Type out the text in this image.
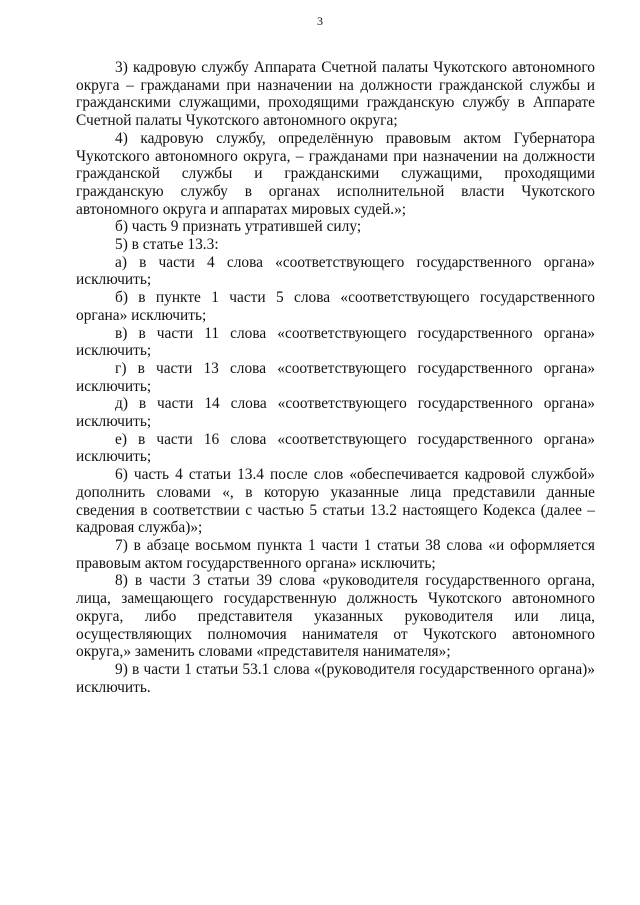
3

3) кадровую службу Аппарата Счетной палаты Чукотского автономного округа – гражданами при назначении на должности гражданской службы и гражданскими служащими, проходящими гражданскую службу в Аппарате Счетной палаты Чукотского автономного округа;

4) кадровую службу, определённую правовым актом Губернатора Чукотского автономного округа, – гражданами при назначении на должности гражданской службы и гражданскими служащими, проходящими гражданскую службу в органах исполнительной власти Чукотского автономного округа и аппаратах мировых судей.»;

б) часть 9 признать утратившей силу;

5) в статье 13.3:

а) в части 4 слова «соответствующего государственного органа» исключить;

б) в пункте 1 части 5 слова «соответствующего государственного органа» исключить;

в) в части 11 слова «соответствующего государственного органа» исключить;

г) в части 13 слова «соответствующего государственного органа» исключить;

д) в части 14 слова «соответствующего государственного органа» исключить;

е) в части 16 слова «соответствующего государственного органа» исключить;

6) часть 4 статьи 13.4 после слов «обеспечивается кадровой службой» дополнить словами «, в которую указанные лица представили данные сведения в соответствии с частью 5 статьи 13.2 настоящего Кодекса (далее – кадровая служба)»;

7) в абзаце восьмом пункта 1 части 1 статьи 38 слова «и оформляется правовым актом государственного органа» исключить;

8) в части 3 статьи 39 слова «руководителя государственного органа, лица, замещающего государственную должность Чукотского автономного округа, либо представителя указанных руководителя или лица, осуществляющих полномочия нанимателя от Чукотского автономного округа,» заменить словами «представителя нанимателя»;

9) в части 1 статьи 53.1 слова «(руководителя государственного органа)» исключить.
